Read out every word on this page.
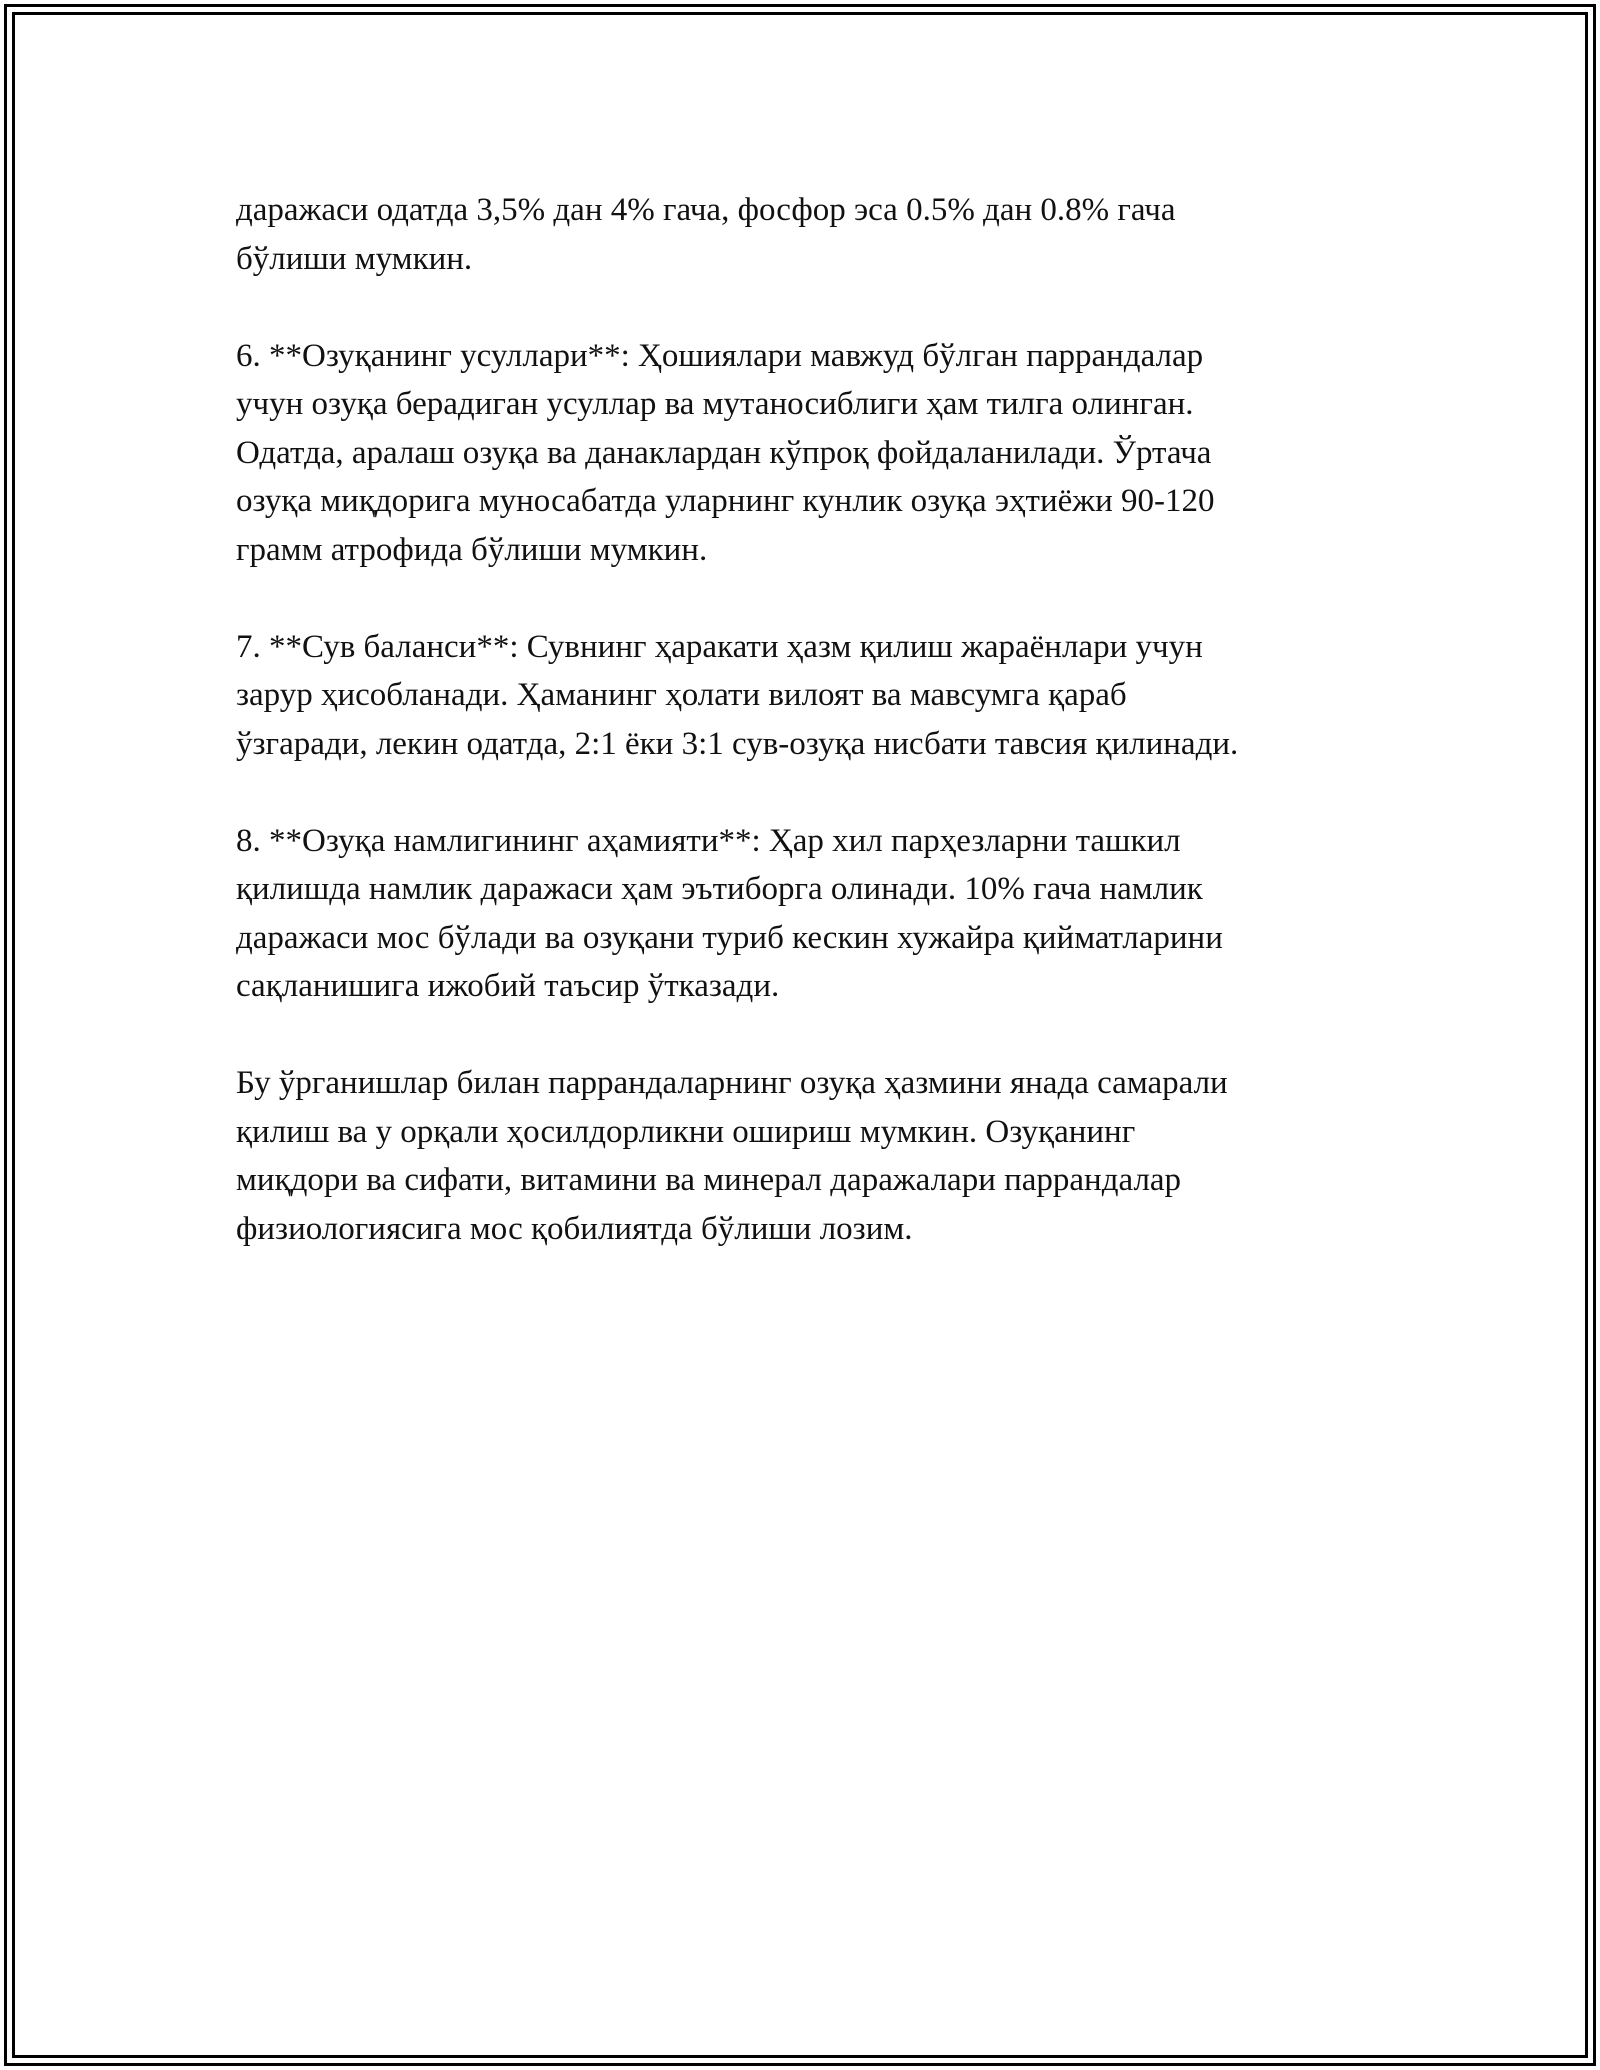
даражаси одатда 3,5% дан 4% гача, фосфор эса 0.5% дан 0.8% гача
бўлиши мумкин.

6. **Озуқанинг усуллари**: Ҳошиялари мавжуд бўлган паррандалар
учун озуқа берадиган усуллар ва мутаносиблиги ҳам тилга олинган.
Одатда, аралаш озуқа ва данаклардан кўпроқ фойдаланилади. Ўртача
озуқа миқдорига муносабатда уларнинг кунлик озуқа эҳтиёжи 90-120
грамм атрофида бўлиши мумкин.

7. **Сув баланси**: Сувнинг ҳаракати ҳазм қилиш жараёнлари учун
зарур ҳисобланади. Ҳаманинг ҳолати вилоят ва мавсумга қараб
ўзгаради, лекин одатда, 2:1 ёки 3:1 сув-озуқа нисбати тавсия қилинади.

8. **Озуқа намлигининг аҳамияти**: Ҳар хил парҳезларни ташкил
қилишда намлик даражаси ҳам эътиборга олинади. 10% гача намлик
даражаси мос бўлади ва озуқани туриб кескин хужайра қийматларини
сақланишига ижобий таъсир ўтказади.

Бу ўрганишлар билан паррандаларнинг озуқа ҳазмини янада самарали
қилиш ва у орқали ҳосилдорликни ошириш мумкин. Озуқанинг
миқдори ва сифати, витамини ва минерал даражалари паррандалар
физиологиясига мос қобилиятда бўлиши лозим.
